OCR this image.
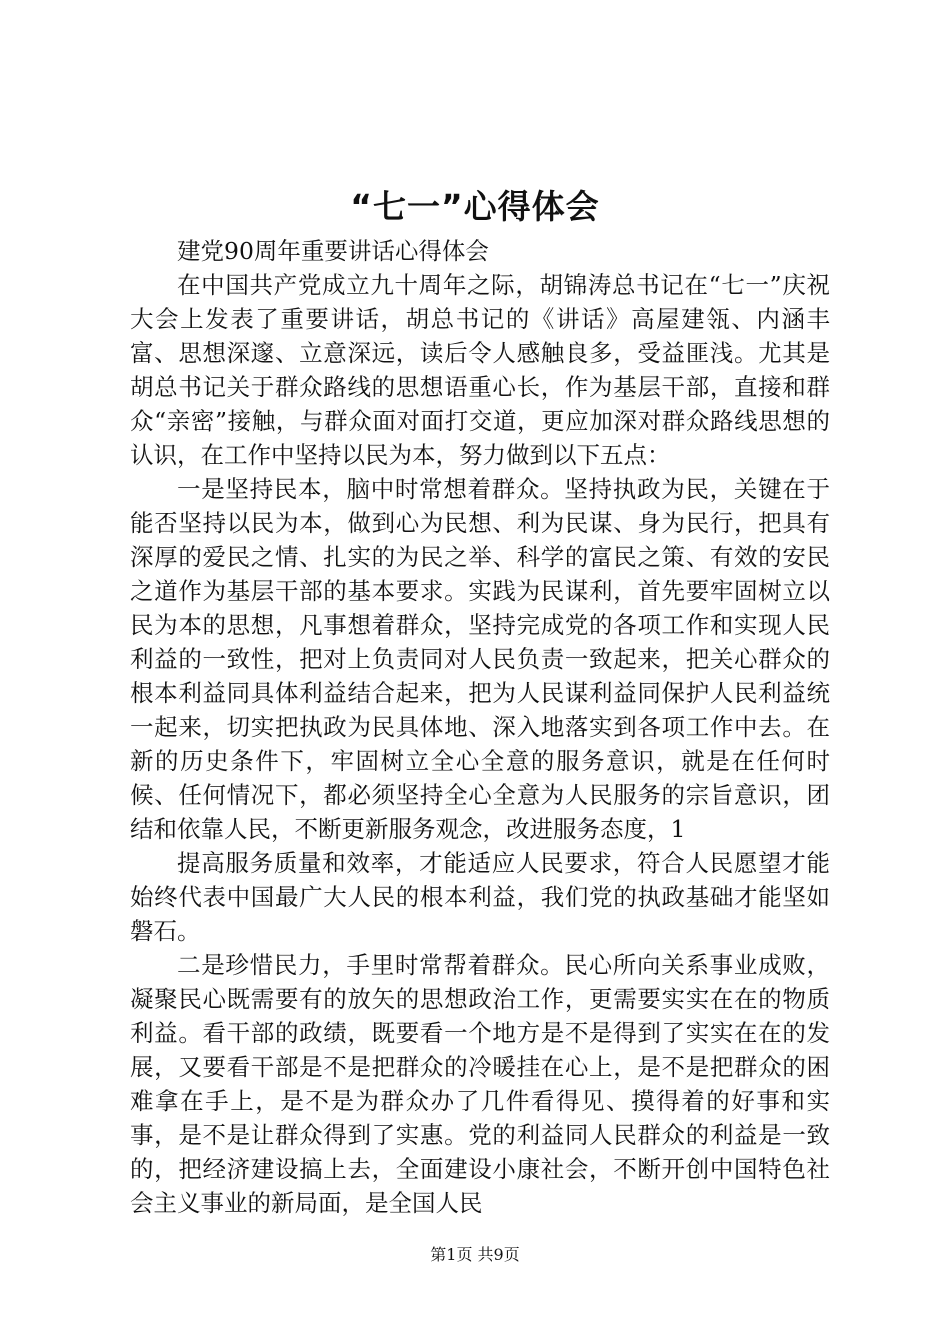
“七一”心得体会

建党90周年重要讲话心得体会

在中国共产党成立九十周年之际，胡锦涛总书记在“七一”庆祝大会上发表了重要讲话，胡总书记的《讲话》高屋建瓴、内涵丰富、思想深邃、立意深远，读后令人感触良多，受益匪浅。尤其是胡总书记关于群众路线的思想语重心长，作为基层干部，直接和群众“亲密”接触，与群众面对面打交道，更应加深对群众路线思想的认识，在工作中坚持以民为本，努力做到以下五点：

一是坚持民本，脑中时常想着群众。坚持执政为民，关键在于能否坚持以民为本，做到心为民想、利为民谋、身为民行，把具有深厚的爱民之情、扎实的为民之举、科学的富民之策、有效的安民之道作为基层干部的基本要求。实践为民谋利，首先要牢固树立以民为本的思想，凡事想着群众，坚持完成党的各项工作和实现人民利益的一致性，把对上负责同对人民负责一致起来，把关心群众的根本利益同具体利益结合起来，把为人民谋利益同保护人民利益统一起来，切实把执政为民具体地、深入地落实到各项工作中去。在新的历史条件下，牢固树立全心全意的服务意识，就是在任何时候、任何情况下，都必须坚持全心全意为人民服务的宗旨意识，团结和依靠人民，不断更新服务观念，改进服务态度，1

提高服务质量和效率，才能适应人民要求，符合人民愿望才能始终代表中国最广大人民的根本利益，我们党的执政基础才能坚如磐石。

二是珍惜民力，手里时常帮着群众。民心所向关系事业成败，凝聚民心既需要有的放矢的思想政治工作，更需要实实在在的物质利益。看干部的政绩，既要看一个地方是不是得到了实实在在的发展，又要看干部是不是把群众的冷暖挂在心上，是不是把群众的困难拿在手上，是不是为群众办了几件看得见、摸得着的好事和实事，是不是让群众得到了实惠。党的利益同人民群众的利益是一致的，把经济建设搞上去，全面建设小康社会，不断开创中国特色社会主义事业的新局面，是全国人民

第1页 共9页
